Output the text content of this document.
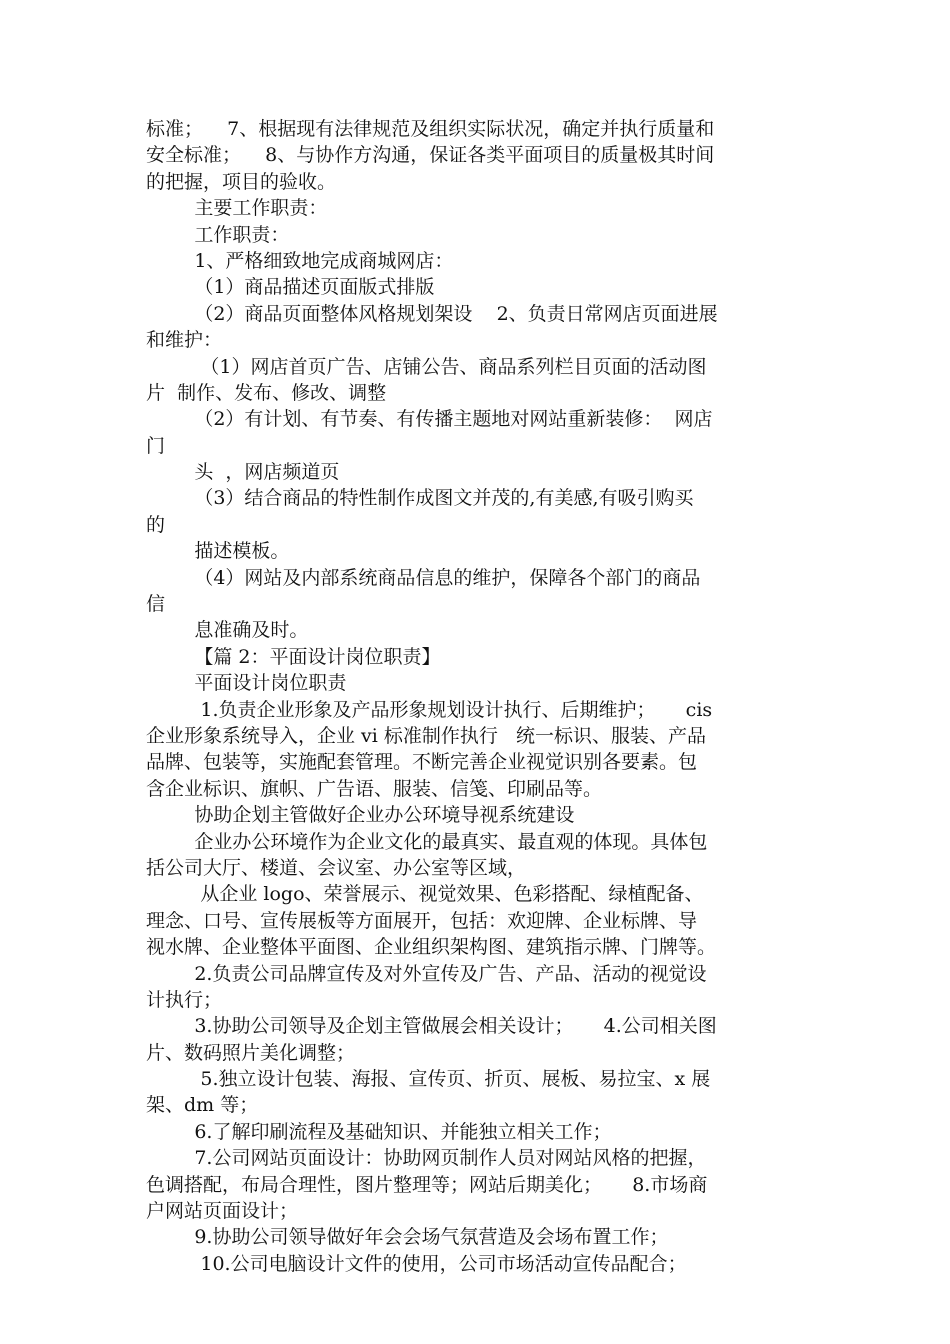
标准；    7、根据现有法律规范及组织实际状况，确定并执行质量和
安全标准；    8、与协作方沟通，保证各类平面项目的质量极其时间
的把握，项目的验收。
主要工作职责：
工作职责：
1、严格细致地完成商城网店：
（1）商品描述页面版式排版
（2）商品页面整体风格规划架设    2、负责日常网店页面进展
和维护：
（1）网店首页广告、店铺公告、商品系列栏目页面的活动图
片  制作、发布、修改、调整
（2）有计划、有节奏、有传播主题地对网站重新装修：  网店
门
头  ，网店频道页
（3）结合商品的特性制作成图文并茂的,有美感,有吸引购买
的
描述模板。
（4）网站及内部系统商品信息的维护，保障各个部门的商品
信
息准确及时。
【篇 2：平面设计岗位职责】
平面设计岗位职责
1.负责企业形象及产品形象规划设计执行、后期维护；     cis
企业形象系统导入，企业 vi 标准制作执行   统一标识、服装、产品
品牌、包装等，实施配套管理。不断完善企业视觉识别各要素。包
含企业标识、旗帜、广告语、服装、信笺、印刷品等。
协助企划主管做好企业办公环境导视系统建设
企业办公环境作为企业文化的最真实、最直观的体现。具体包
括公司大厅、楼道、会议室、办公室等区域，
从企业 logo、荣誉展示、视觉效果、色彩搭配、绿植配备、
理念、口号、宣传展板等方面展开，包括：欢迎牌、企业标牌、导
视水牌、企业整体平面图、企业组织架构图、建筑指示牌、门牌等。
2.负责公司品牌宣传及对外宣传及广告、产品、活动的视觉设
计执行；
3.协助公司领导及企划主管做展会相关设计；     4.公司相关图
片、数码照片美化调整；
5.独立设计包装、海报、宣传页、折页、展板、易拉宝、x 展
架、dm 等；
6.了解印刷流程及基础知识、并能独立相关工作；
7.公司网站页面设计：协助网页制作人员对网站风格的把握，
色调搭配，布局合理性，图片整理等；网站后期美化；     8.市场商
户网站页面设计；
9.协助公司领导做好年会会场气氛营造及会场布置工作；
10.公司电脑设计文件的使用，公司市场活动宣传品配合；
